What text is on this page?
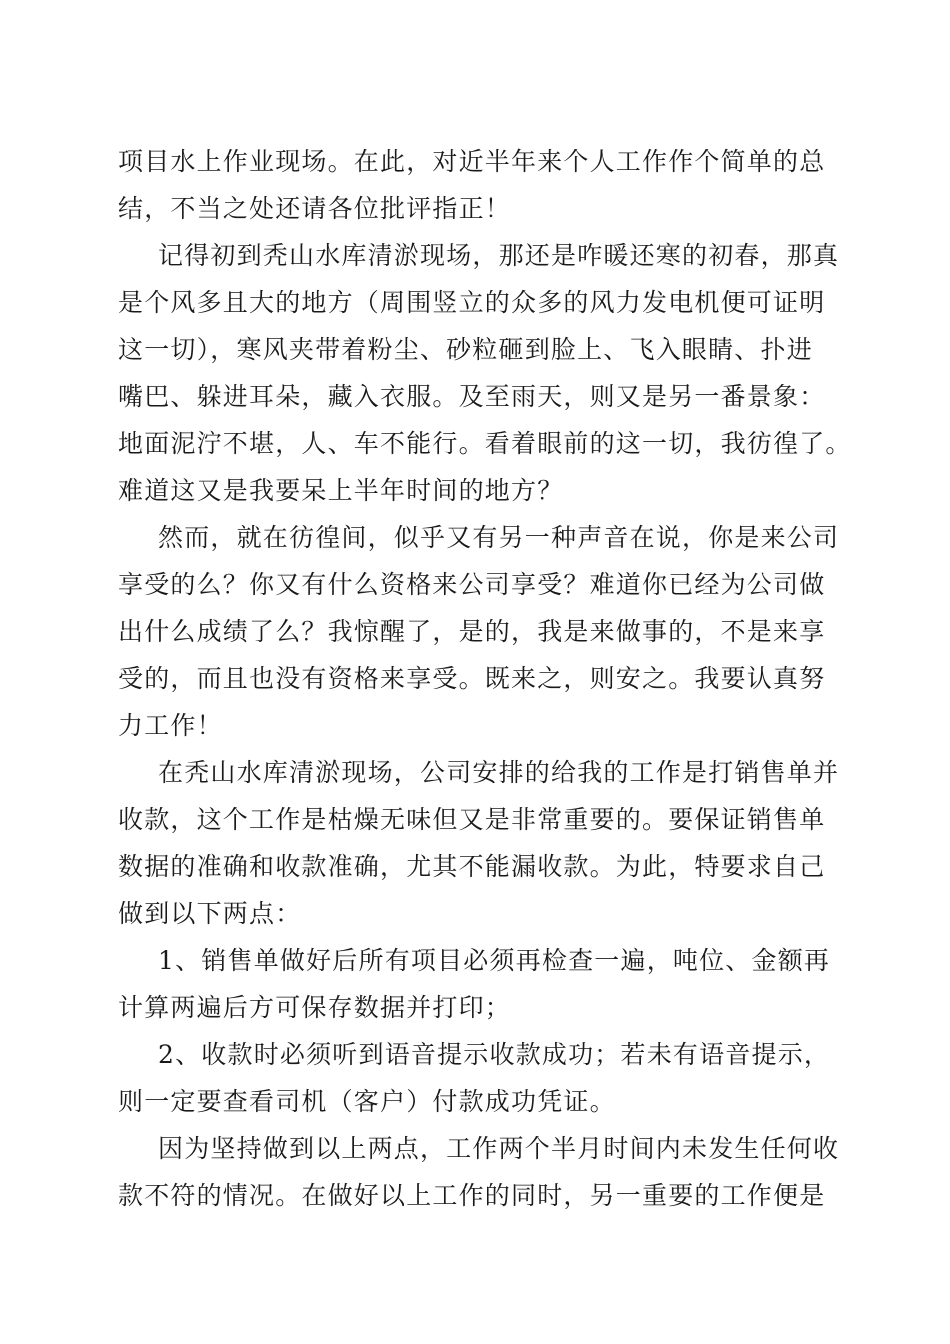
项目水上作业现场。在此，对近半年来个人工作作个简单的总
结，不当之处还请各位批评指正！
记得初到秃山水库清淤现场，那还是咋暖还寒的初春，那真
是个风多且大的地方（周围竖立的众多的风力发电机便可证明
这一切），寒风夹带着粉尘、砂粒砸到脸上、飞入眼睛、扑进
嘴巴、躲进耳朵，藏入衣服。及至雨天，则又是另一番景象：
地面泥泞不堪，人、车不能行。看着眼前的这一切，我彷徨了。
难道这又是我要呆上半年时间的地方？
然而，就在彷徨间，似乎又有另一种声音在说，你是来公司
享受的么？你又有什么资格来公司享受？难道你已经为公司做
出什么成绩了么？我惊醒了，是的，我是来做事的，不是来享
受的，而且也没有资格来享受。既来之，则安之。我要认真努
力工作！
在秃山水库清淤现场，公司安排的给我的工作是打销售单并
收款，这个工作是枯燥无味但又是非常重要的。要保证销售单
数据的准确和收款准确，尤其不能漏收款。为此，特要求自己
做到以下两点：
1、销售单做好后所有项目必须再检查一遍，吨位、金额再
计算两遍后方可保存数据并打印；
2、收款时必须听到语音提示收款成功；若未有语音提示，
则一定要查看司机（客户）付款成功凭证。
因为坚持做到以上两点，工作两个半月时间内未发生任何收
款不符的情况。在做好以上工作的同时，另一重要的工作便是
